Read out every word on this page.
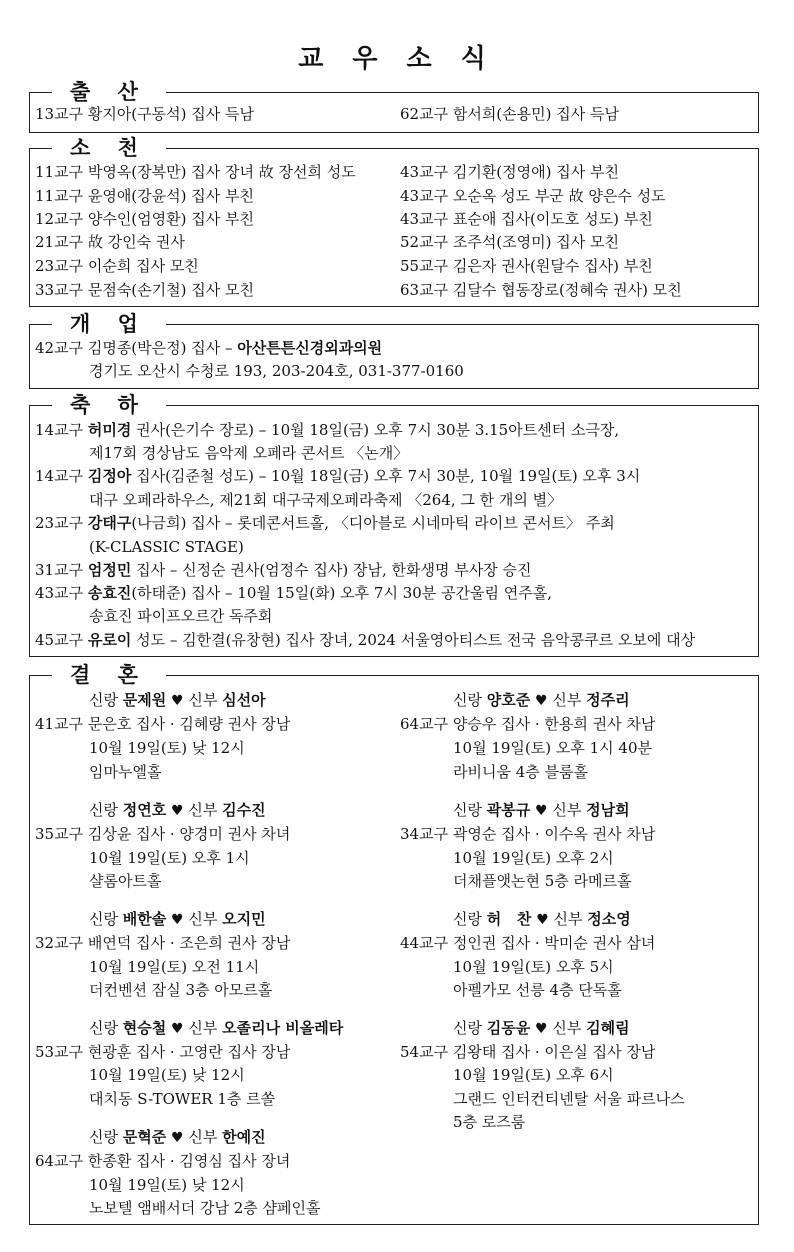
교 우 소 식
출 산
13교구 황지아(구동석) 집사 득남	62교구 함서희(손용민) 집사 득남
소 천
11교구 박영옥(장복만) 집사 장녀 故 장선희 성도
11교구 윤영애(강윤석) 집사 부친
12교구 양수인(엄영환) 집사 부친
21교구 故 강인숙 권사
23교구 이순희 집사 모친
33교구 문점숙(손기철) 집사 모친
43교구 김기환(정영애) 집사 부친
43교구 오순옥 성도 부군 故 양은수 성도
43교구 표순애 집사(이도호 성도) 부친
52교구 조주석(조영미) 집사 모친
55교구 김은자 권사(원달수 집사) 부친
63교구 김달수 협동장로(정혜숙 권사) 모친
개 업
42교구 김명종(박은정) 집사 – 아산튼튼신경외과의원
경기도 오산시 수청로 193, 203-204호, 031-377-0160
축 하
14교구 허미경 권사(은기수 장로) – 10월 18일(금) 오후 7시 30분 3.15아트센터 소극장,
제17회 경상남도 음악제 오페라 콘서트 〈논개〉
14교구 김정아 집사(김준철 성도) – 10월 18일(금) 오후 7시 30분, 10월 19일(토) 오후 3시
대구 오페라하우스, 제21회 대구국제오페라축제 〈264, 그 한 개의 별〉
23교구 강태구(나금희) 집사 – 롯데콘서트홀, 〈디아블로 시네마틱 라이브 콘서트〉 주최
(K-CLASSIC STAGE)
31교구 엄정민 집사 – 신정순 권사(엄정수 집사) 장남, 한화생명 부사장 승진
43교구 송효진(하태준) 집사 – 10월 15일(화) 오후 7시 30분 공간울림 연주홀,
송효진 파이프오르간 독주회
45교구 유로이 성도 – 김한결(유창현) 집사 장녀, 2024 서울영아티스트 전국 음악콩쿠르 오보에 대상
결 혼
신랑 문제원 ♥ 신부 심선아
41교구 문은호 집사 · 김혜량 권사 장남
10월 19일(토) 낮 12시
임마누엘홀
신랑 정연호 ♥ 신부 김수진
35교구 김상윤 집사 · 양경미 권사 차녀
10월 19일(토) 오후 1시
샬롬아트홀
신랑 배한솔 ♥ 신부 오지민
32교구 배연덕 집사 · 조은희 권사 장남
10월 19일(토) 오전 11시
더컨벤션 잠실 3층 아모르홀
신랑 현승철 ♥ 신부 오졸리나 비올레타
53교구 현광훈 집사 · 고영란 집사 장남
10월 19일(토) 낮 12시
대치동 S-TOWER 1층 르쏠
신랑 문혁준 ♥ 신부 한예진
64교구 한종환 집사 · 김영심 집사 장녀
10월 19일(토) 낮 12시
노보텔 앰배서더 강남 2층 샴페인홀
신랑 양호준 ♥ 신부 정주리
64교구 양승우 집사 · 한용희 권사 차남
10월 19일(토) 오후 1시 40분
라비니움 4층 블룸홀
신랑 곽봉규 ♥ 신부 정남희
34교구 곽영순 집사 · 이수옥 권사 차남
10월 19일(토) 오후 2시
더채플앳논현 5층 라메르홀
신랑 허   찬 ♥ 신부 정소영
44교구 정인권 집사 · 박미순 권사 삼녀
10월 19일(토) 오후 5시
아펠가모 선릉 4층 단독홀
신랑 김동윤 ♥ 신부 김혜림
54교구 김왕태 집사 · 이은실 집사 장남
10월 19일(토) 오후 6시
그랜드 인터컨티넨탈 서울 파르나스
5층 로즈룸
